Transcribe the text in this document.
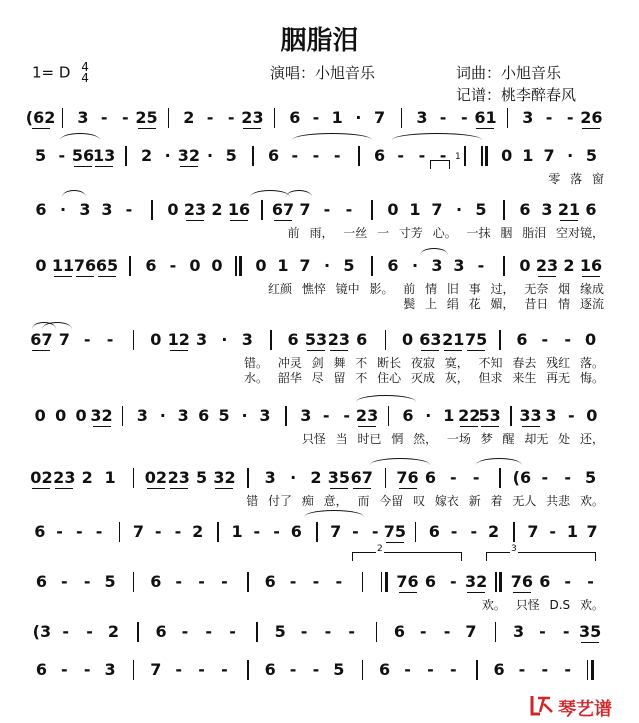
胭脂泪
1= D 4
4	演唱：小旭音乐	词曲：小旭音乐
记谱：桃李醉春风
(62 3 - - 25 2 - - 23 6 - 1 · 7 3 - - 61 3 - - 26
5 - 56
13 2 · 32 · 5 6 - - - 6 - - -	0 1 7 · 5
零 落 窗
6 · 3 3 - 0 23 2 16 67 7 - - 0 1 7 · 5 6 3 21 6
前 雨， 一丝 一 寸芳 心。 一抹 胭 脂泪 空对镜，
0 11 76 65 6 - 0 0 0 1 7 · 5 6 · 3 3 - 0 23 2 16
红颜 憔悴 镜中 影。 前 情 旧 事 过， 无奈 烟 缘成
鬓 上 绢 花 媚， 昔日 情 逐流
67 7 - - 0 12 3 · 3 6 53 23 6 0 63 21 75 6 - - 0
错。 冲灵 剑 舞 不 断长 夜寂 寞， 不知 春去 残红 落。
水。 韶华 尽 留 不 住心 灭成 灰， 但求 来生 再无 悔。
0 0 0 32 3 · 3 6 5 · 3 3 - - 23 6 · 1 22
53 33 3 - 0
只怪 当 时已 惘 然， 一场 梦 醒 却无 处 还，
02 23 2 1 02 23 5 32 3 · 2 35 67 76 6 - - (6 - - 5
错 付了 痴 意， 而 今留 叹 嫁衣 新 着 无人 共悲 欢。
6 - - - 7 - - 2 1 - - 6 7 - - 75 6 - - 2 7 - 1 7
6 - - 5 6 - - - 6 - - -	76 6 - 32 76 6 - -
欢。 只怪 D.S 欢。
(3 - - 2 6 - - - 5 - - - 6 - - 7 3 - - 35
6 - - 3 7 - - - 6 - - 5 6 - - - 6 - - -
1
2	3
琴艺谱
